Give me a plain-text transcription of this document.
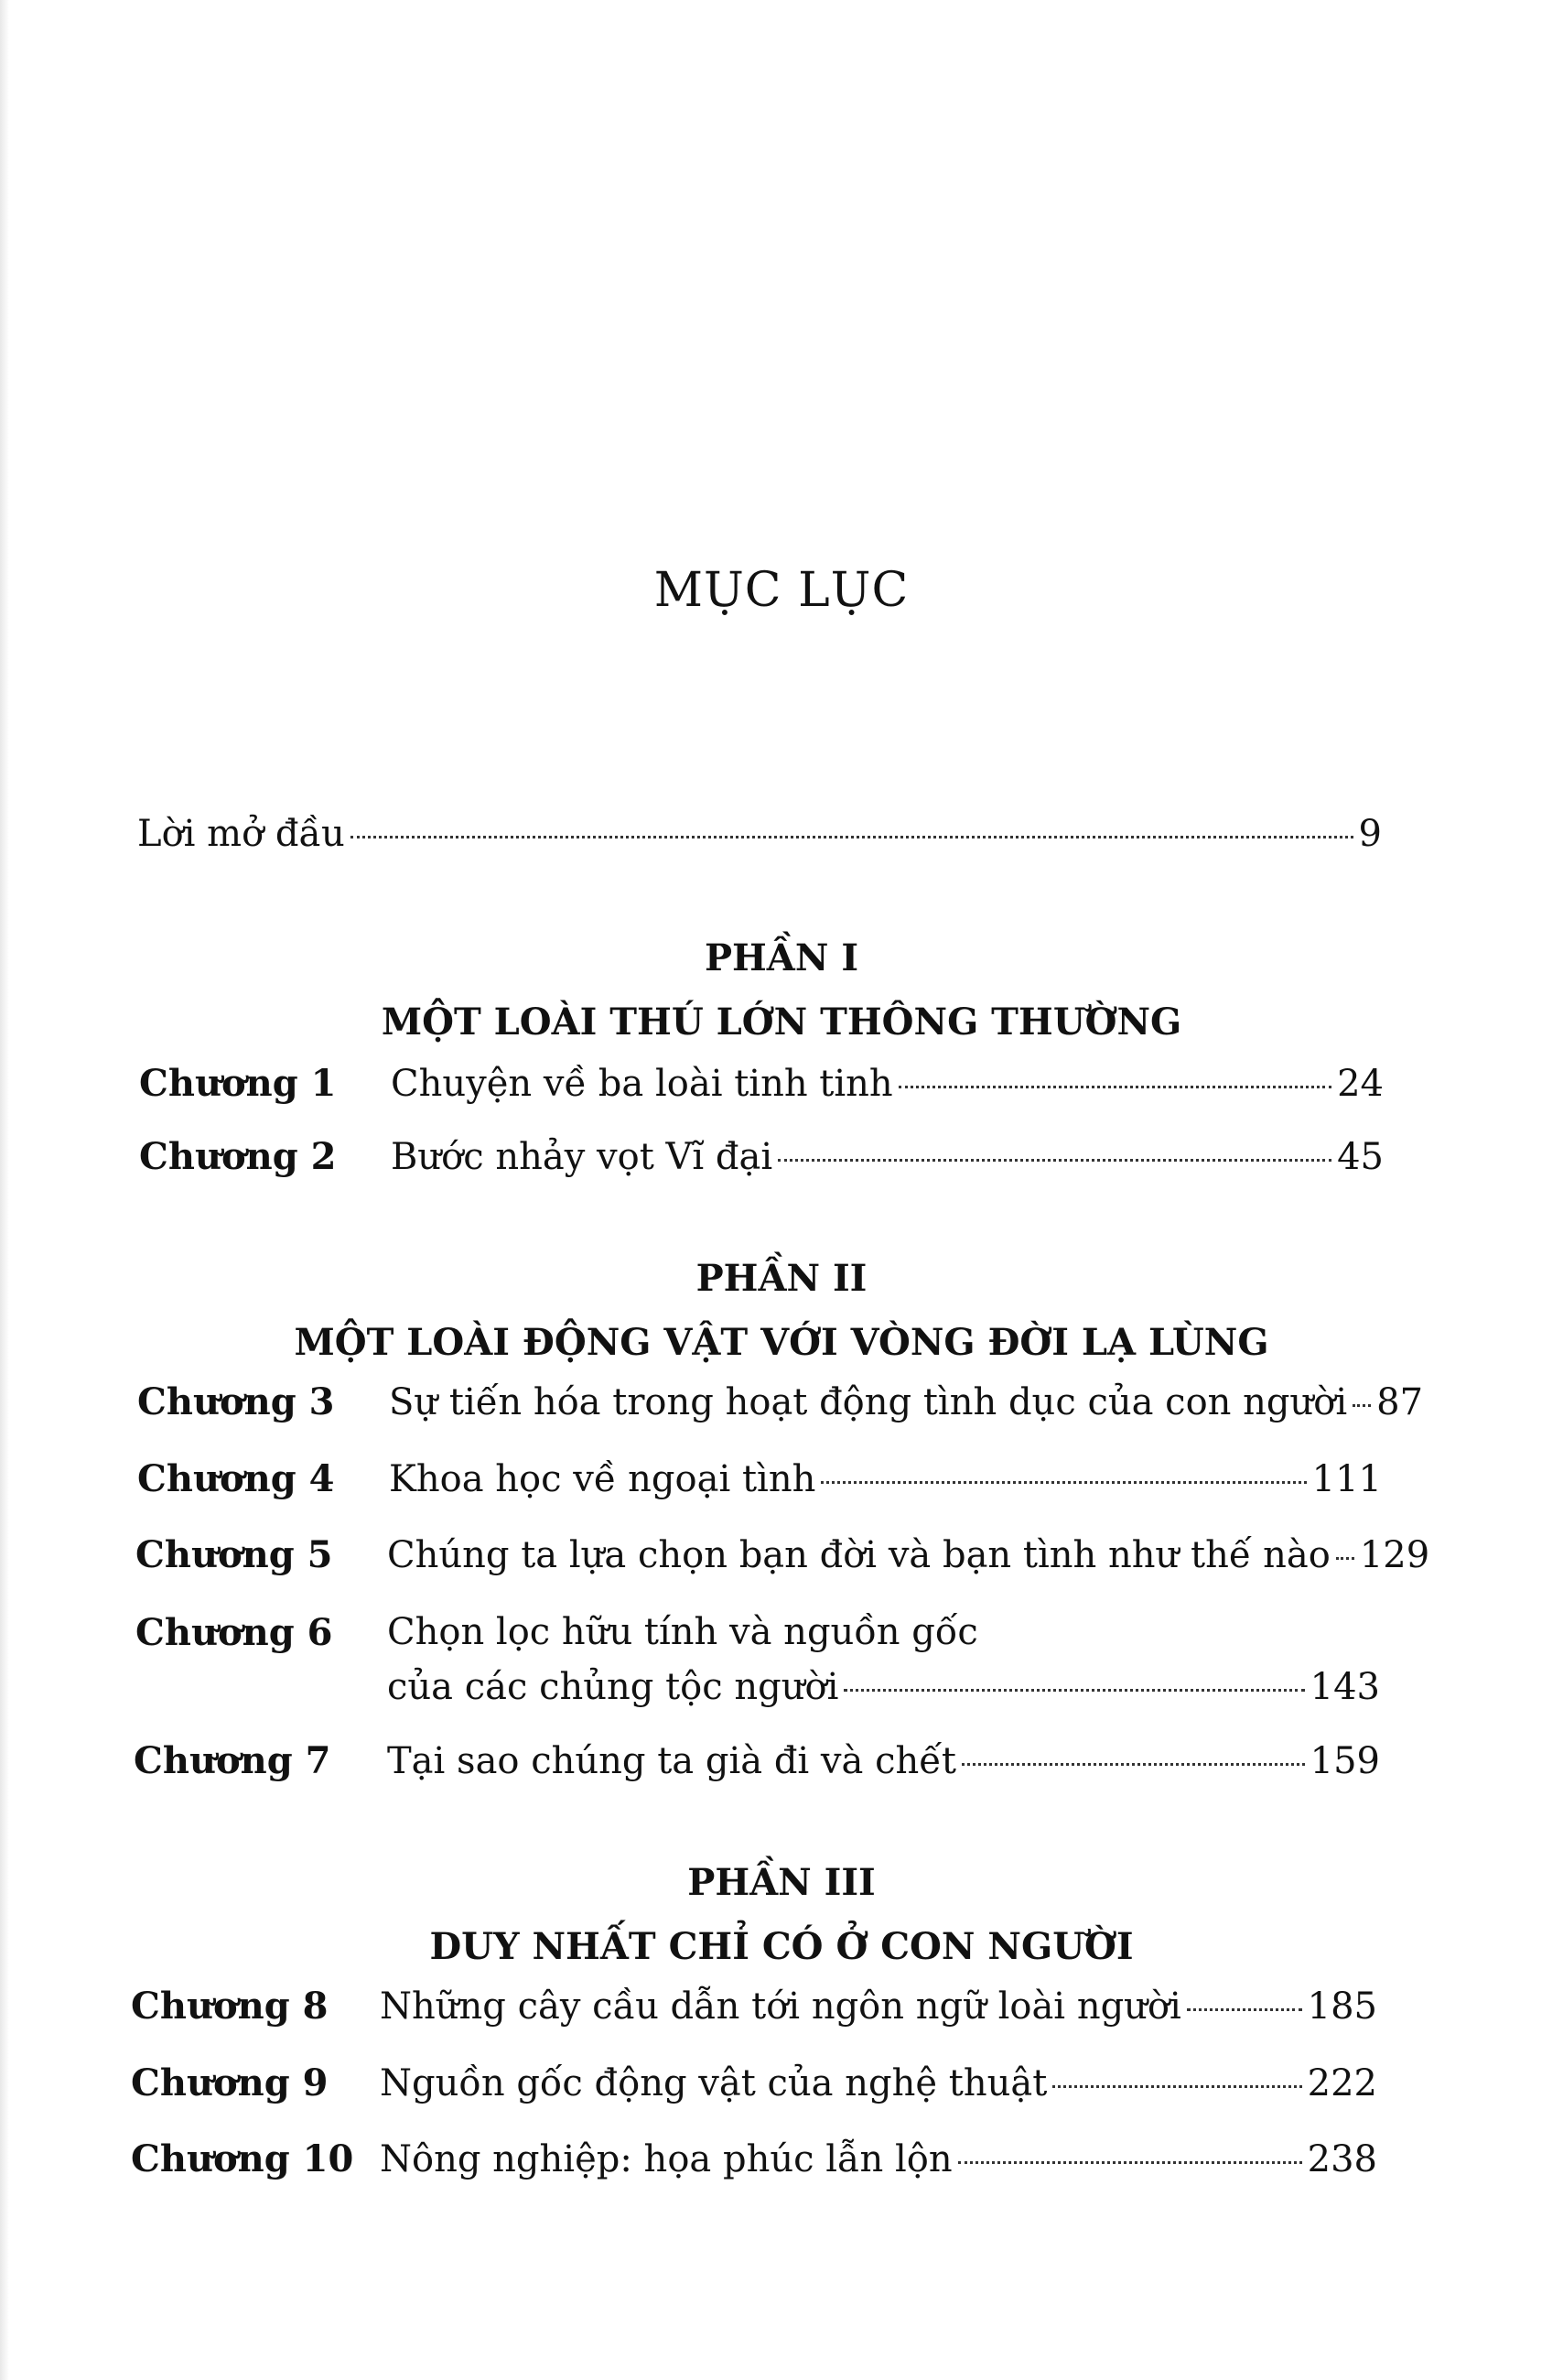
MỤC LỤC
Lời mở đầu	9
PHẦN I
MỘT LOÀI THÚ LỚN THÔNG THƯỜNG
Chương 1	Chuyện về ba loài tinh tinh	24
Chương 2	Bước nhảy vọt Vĩ đại	45
PHẦN II
MỘT LOÀI ĐỘNG VẬT VỚI VÒNG ĐỜI LẠ LÙNG
Chương 3	Sự tiến hóa trong hoạt động tình dục của con người 87
Chương 4	Khoa học về ngoại tình	111
Chương 5	Chúng ta lựa chọn bạn đời và bạn tình như thế nào 129
Chương 6	Chọn lọc hữu tính và nguồn gốc
của các chủng tộc người	143
Chương 7	Tại sao chúng ta già đi và chết	159
PHẦN III
DUY NHẤT CHỈ CÓ Ở CON NGƯỜI
Chương 8	Những cây cầu dẫn tới ngôn ngữ loài người	185
Chương 9	Nguồn gốc động vật của nghệ thuật	222
Chương 10 Nông nghiệp: họa phúc lẫn lộn	238
